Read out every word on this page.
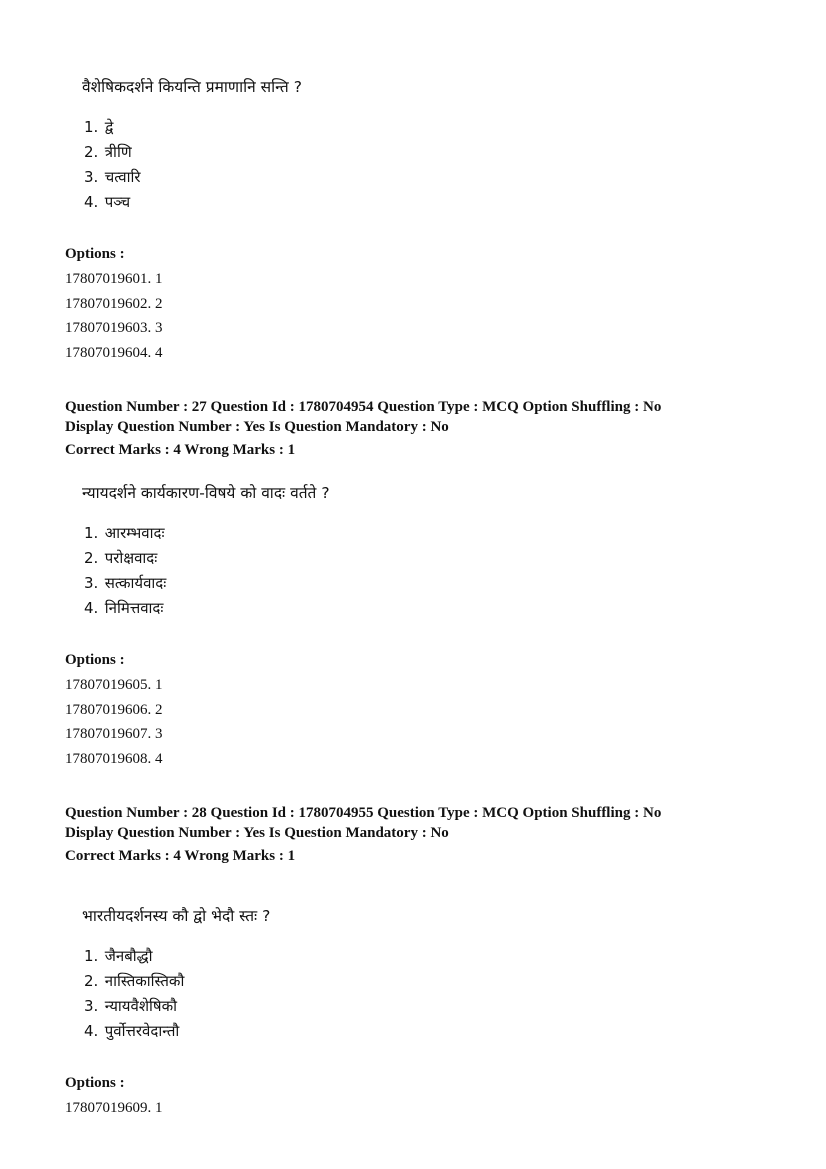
वैशेषिकदर्शने कियन्ति प्रमाणानि सन्ति ?
1. द्वे
2. त्रीणि
3. चत्वारि
4. पञ्च
Options :
17807019601. 1
17807019602. 2
17807019603. 3
17807019604. 4
Question Number : 27 Question Id : 1780704954 Question Type : MCQ Option Shuffling : No
Display Question Number : Yes Is Question Mandatory : No
Correct Marks : 4 Wrong Marks : 1
न्यायदर्शने कार्यकारण-विषये को वादः वर्तते ?
1. आरम्भवादः
2. परोक्षवादः
3. सत्कार्यवादः
4. निमित्तवादः
Options :
17807019605. 1
17807019606. 2
17807019607. 3
17807019608. 4
Question Number : 28 Question Id : 1780704955 Question Type : MCQ Option Shuffling : No
Display Question Number : Yes Is Question Mandatory : No
Correct Marks : 4 Wrong Marks : 1
भारतीयदर्शनस्य कौ द्वो भेदौ स्तः ?
1. जैनबौद्धौ
2. नास्तिकास्तिकौ
3. न्यायवैशेषिकौ
4. पुर्वोत्तरवेदान्तौ
Options :
17807019609. 1
